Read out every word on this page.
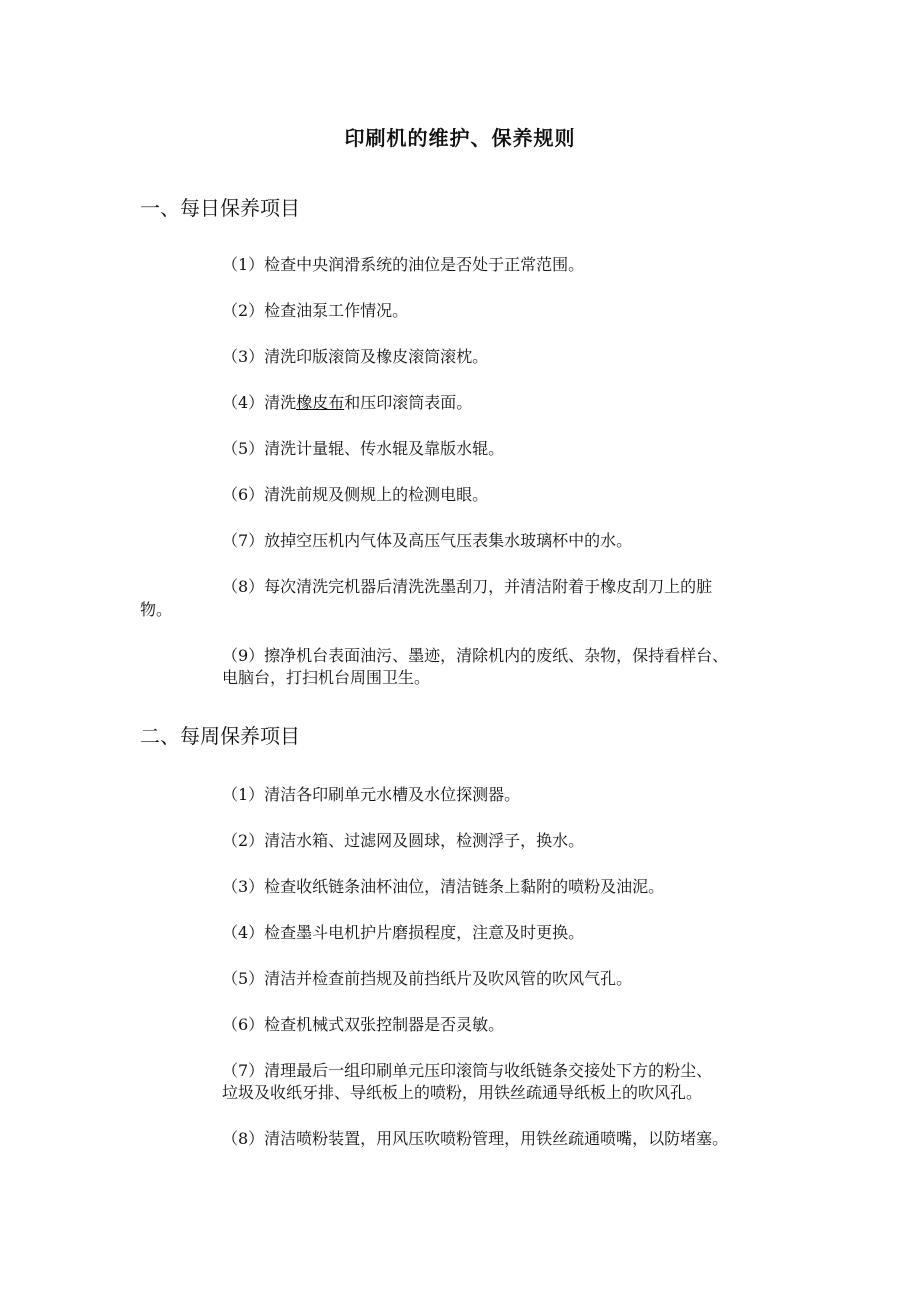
印刷机的维护、保养规则
一、每日保养项目
（1）检查中央润滑系统的油位是否处于正常范围。
（2）检查油泵工作情况。
（3）清洗印版滚筒及橡皮滚筒滚枕。
（4）清洗橡皮布和压印滚筒表面。
（5）清洗计量辊、传水辊及靠版水辊。
（6）清洗前规及侧规上的检测电眼。
（7）放掉空压机内气体及高压气压表集水玻璃杯中的水。
（8）每次清洗完机器后清洗洗墨刮刀，并清洁附着于橡皮刮刀上的脏
物。
（9）擦净机台表面油污、墨迹，清除机内的废纸、杂物，保持看样台、
电脑台，打扫机台周围卫生。
二、每周保养项目
（1）清洁各印刷单元水槽及水位探测器。
（2）清洁水箱、过滤网及圆球，检测浮子，换水。
（3）检查收纸链条油杯油位，清洁链条上黏附的喷粉及油泥。
（4）检查墨斗电机护片磨损程度，注意及时更换。
（5）清洁并检查前挡规及前挡纸片及吹风管的吹风气孔。
（6）检查机械式双张控制器是否灵敏。
（7）清理最后一组印刷单元压印滚筒与收纸链条交接处下方的粉尘、
垃圾及收纸牙排、导纸板上的喷粉，用铁丝疏通导纸板上的吹风孔。
（8）清洁喷粉装置，用风压吹喷粉管理，用铁丝疏通喷嘴，以防堵塞。
